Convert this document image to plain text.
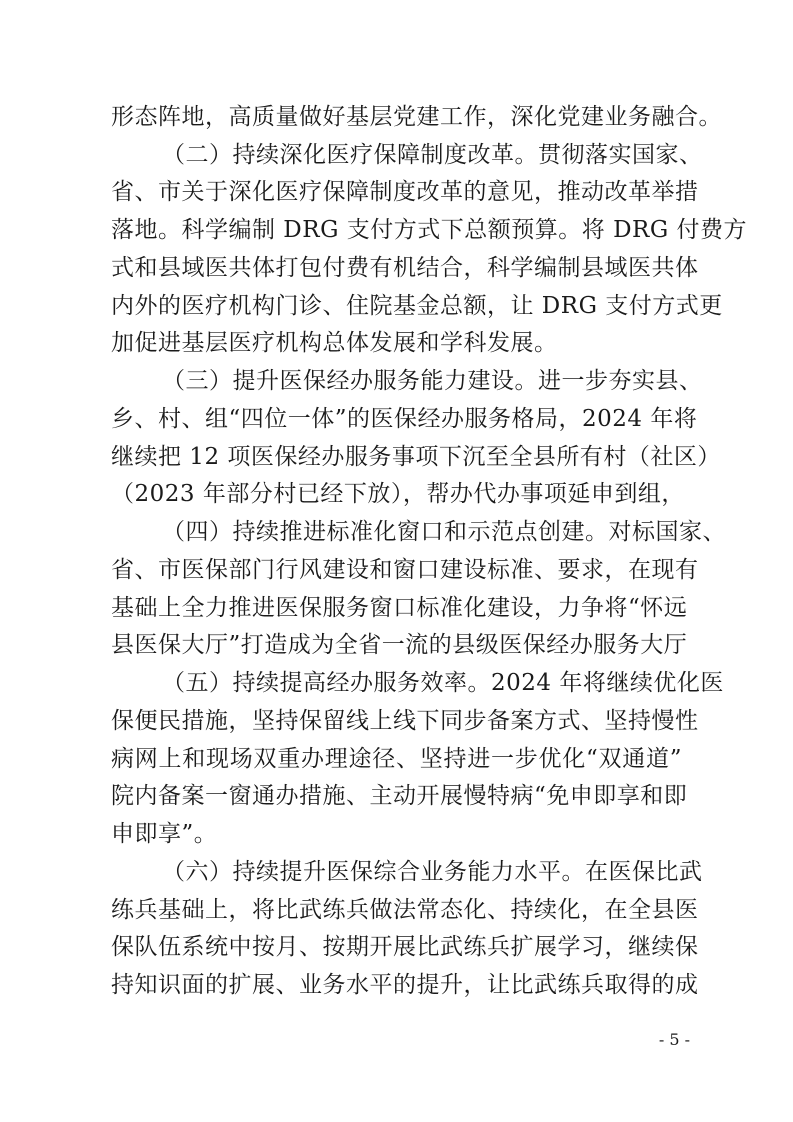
形态阵地，高质量做好基层党建工作，深化党建业务融合。
（二）持续深化医疗保障制度改革。贯彻落实国家、
省、市关于深化医疗保障制度改革的意见，推动改革举措
落地。科学编制 DRG 支付方式下总额预算。将 DRG 付费方
式和县域医共体打包付费有机结合，科学编制县域医共体
内外的医疗机构门诊、住院基金总额，让 DRG 支付方式更
加促进基层医疗机构总体发展和学科发展。
（三）提升医保经办服务能力建设。进一步夯实县、
乡、村、组“四位一体”的医保经办服务格局，2024 年将
继续把 12 项医保经办服务事项下沉至全县所有村（社区）
（2023 年部分村已经下放），帮办代办事项延申到组，
（四）持续推进标准化窗口和示范点创建。对标国家、
省、市医保部门行风建设和窗口建设标准、要求，在现有
基础上全力推进医保服务窗口标准化建设，力争将“怀远
县医保大厅”打造成为全省一流的县级医保经办服务大厅
（五）持续提高经办服务效率。2024 年将继续优化医
保便民措施，坚持保留线上线下同步备案方式、坚持慢性
病网上和现场双重办理途径、坚持进一步优化“双通道”
院内备案一窗通办措施、主动开展慢特病“免申即享和即
申即享”。
（六）持续提升医保综合业务能力水平。在医保比武
练兵基础上，将比武练兵做法常态化、持续化，在全县医
保队伍系统中按月、按期开展比武练兵扩展学习，继续保
持知识面的扩展、业务水平的提升，让比武练兵取得的成
- 5 -
